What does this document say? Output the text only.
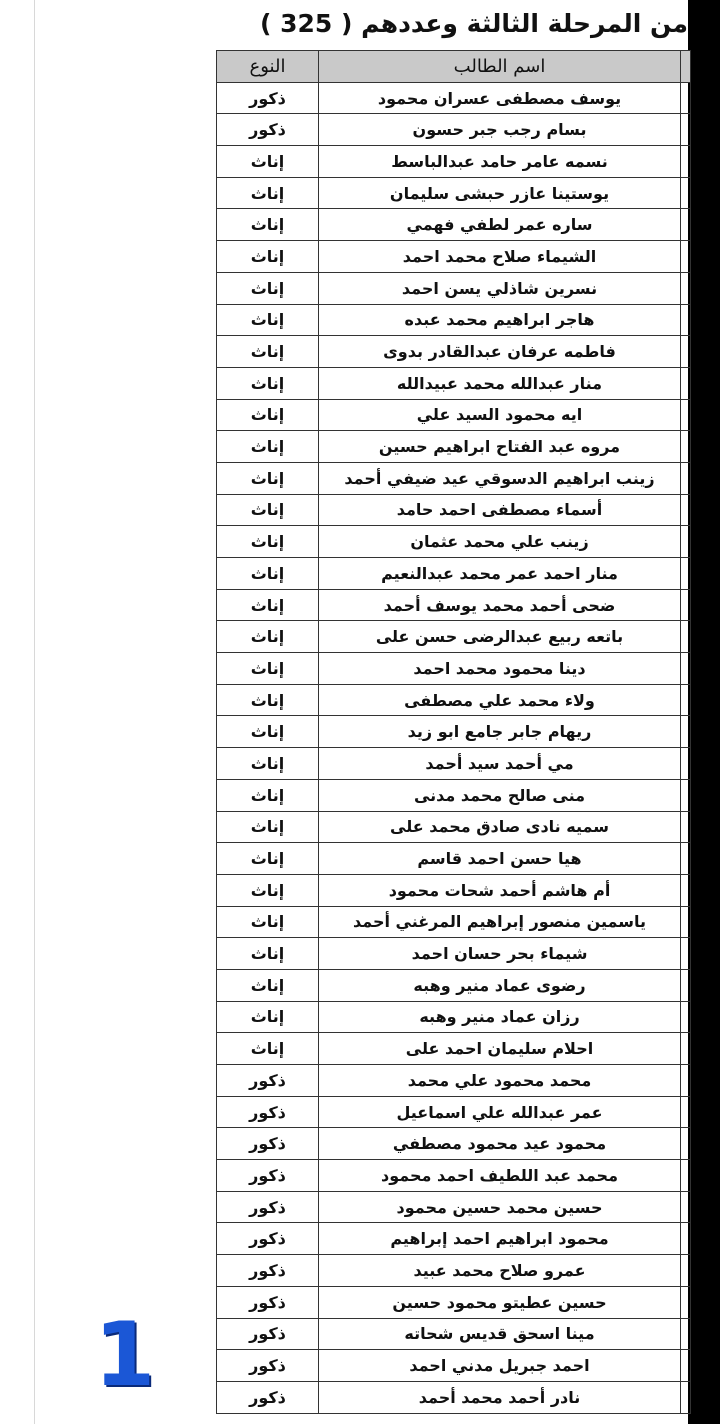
من المرحلة الثالثة وعددهم ( 325 )
	اسم الطالب	النوع
	يوسف مصطفى عسران محمود	ذكور
	بسام رجب جبر حسون	ذكور
	نسمه عامر حامد عبدالباسط	إناث
	يوستينا عازر حبشى سليمان	إناث
	ساره عمر لطفي فهمي	إناث
	الشيماء صلاح محمد احمد	إناث
	نسرين شاذلي يسن احمد	إناث
	هاجر ابراهيم محمد عبده	إناث
	فاطمه عرفان عبدالقادر بدوى	إناث
	منار عبدالله محمد عبيدالله	إناث
	ايه محمود السيد علي	إناث
	مروه عبد الفتاح ابراهيم حسين	إناث
	زينب ابراهيم الدسوقي عيد ضيفي أحمد	إناث
	أسماء مصطفى احمد حامد	إناث
	زينب علي محمد عثمان	إناث
	منار احمد عمر محمد عبدالنعيم	إناث
	ضحى أحمد محمد يوسف أحمد	إناث
	باتعه ربيع عبدالرضى حسن على	إناث
	دينا محمود محمد احمد	إناث
	ولاء محمد علي مصطفى	إناث
	ريهام جابر جامع ابو زيد	إناث
	مي أحمد سيد أحمد	إناث
	منى صالح محمد مدنى	إناث
	سميه نادى صادق محمد على	إناث
	هيا حسن احمد قاسم	إناث
	أم هاشم أحمد شحات محمود	إناث
	ياسمين منصور إبراهيم المرغني أحمد	إناث
	شيماء بحر حسان احمد	إناث
	رضوى عماد منير وهبه	إناث
	رزان عماد منير وهبه	إناث
	احلام سليمان احمد على	إناث
	محمد محمود علي محمد	ذكور
	عمر عبدالله علي اسماعيل	ذكور
	محمود عيد محمود مصطفي	ذكور
	محمد عبد اللطيف احمد محمود	ذكور
	حسين محمد حسين محمود	ذكور
	محمود ابراهيم احمد إبراهيم	ذكور
	عمرو صلاح محمد عبيد	ذكور
	حسين عطيتو محمود حسين	ذكور
	مينا اسحق قديس شحاته	ذكور
	احمد جبريل مدني احمد	ذكور
	نادر أحمد محمد أحمد	ذكور
1
